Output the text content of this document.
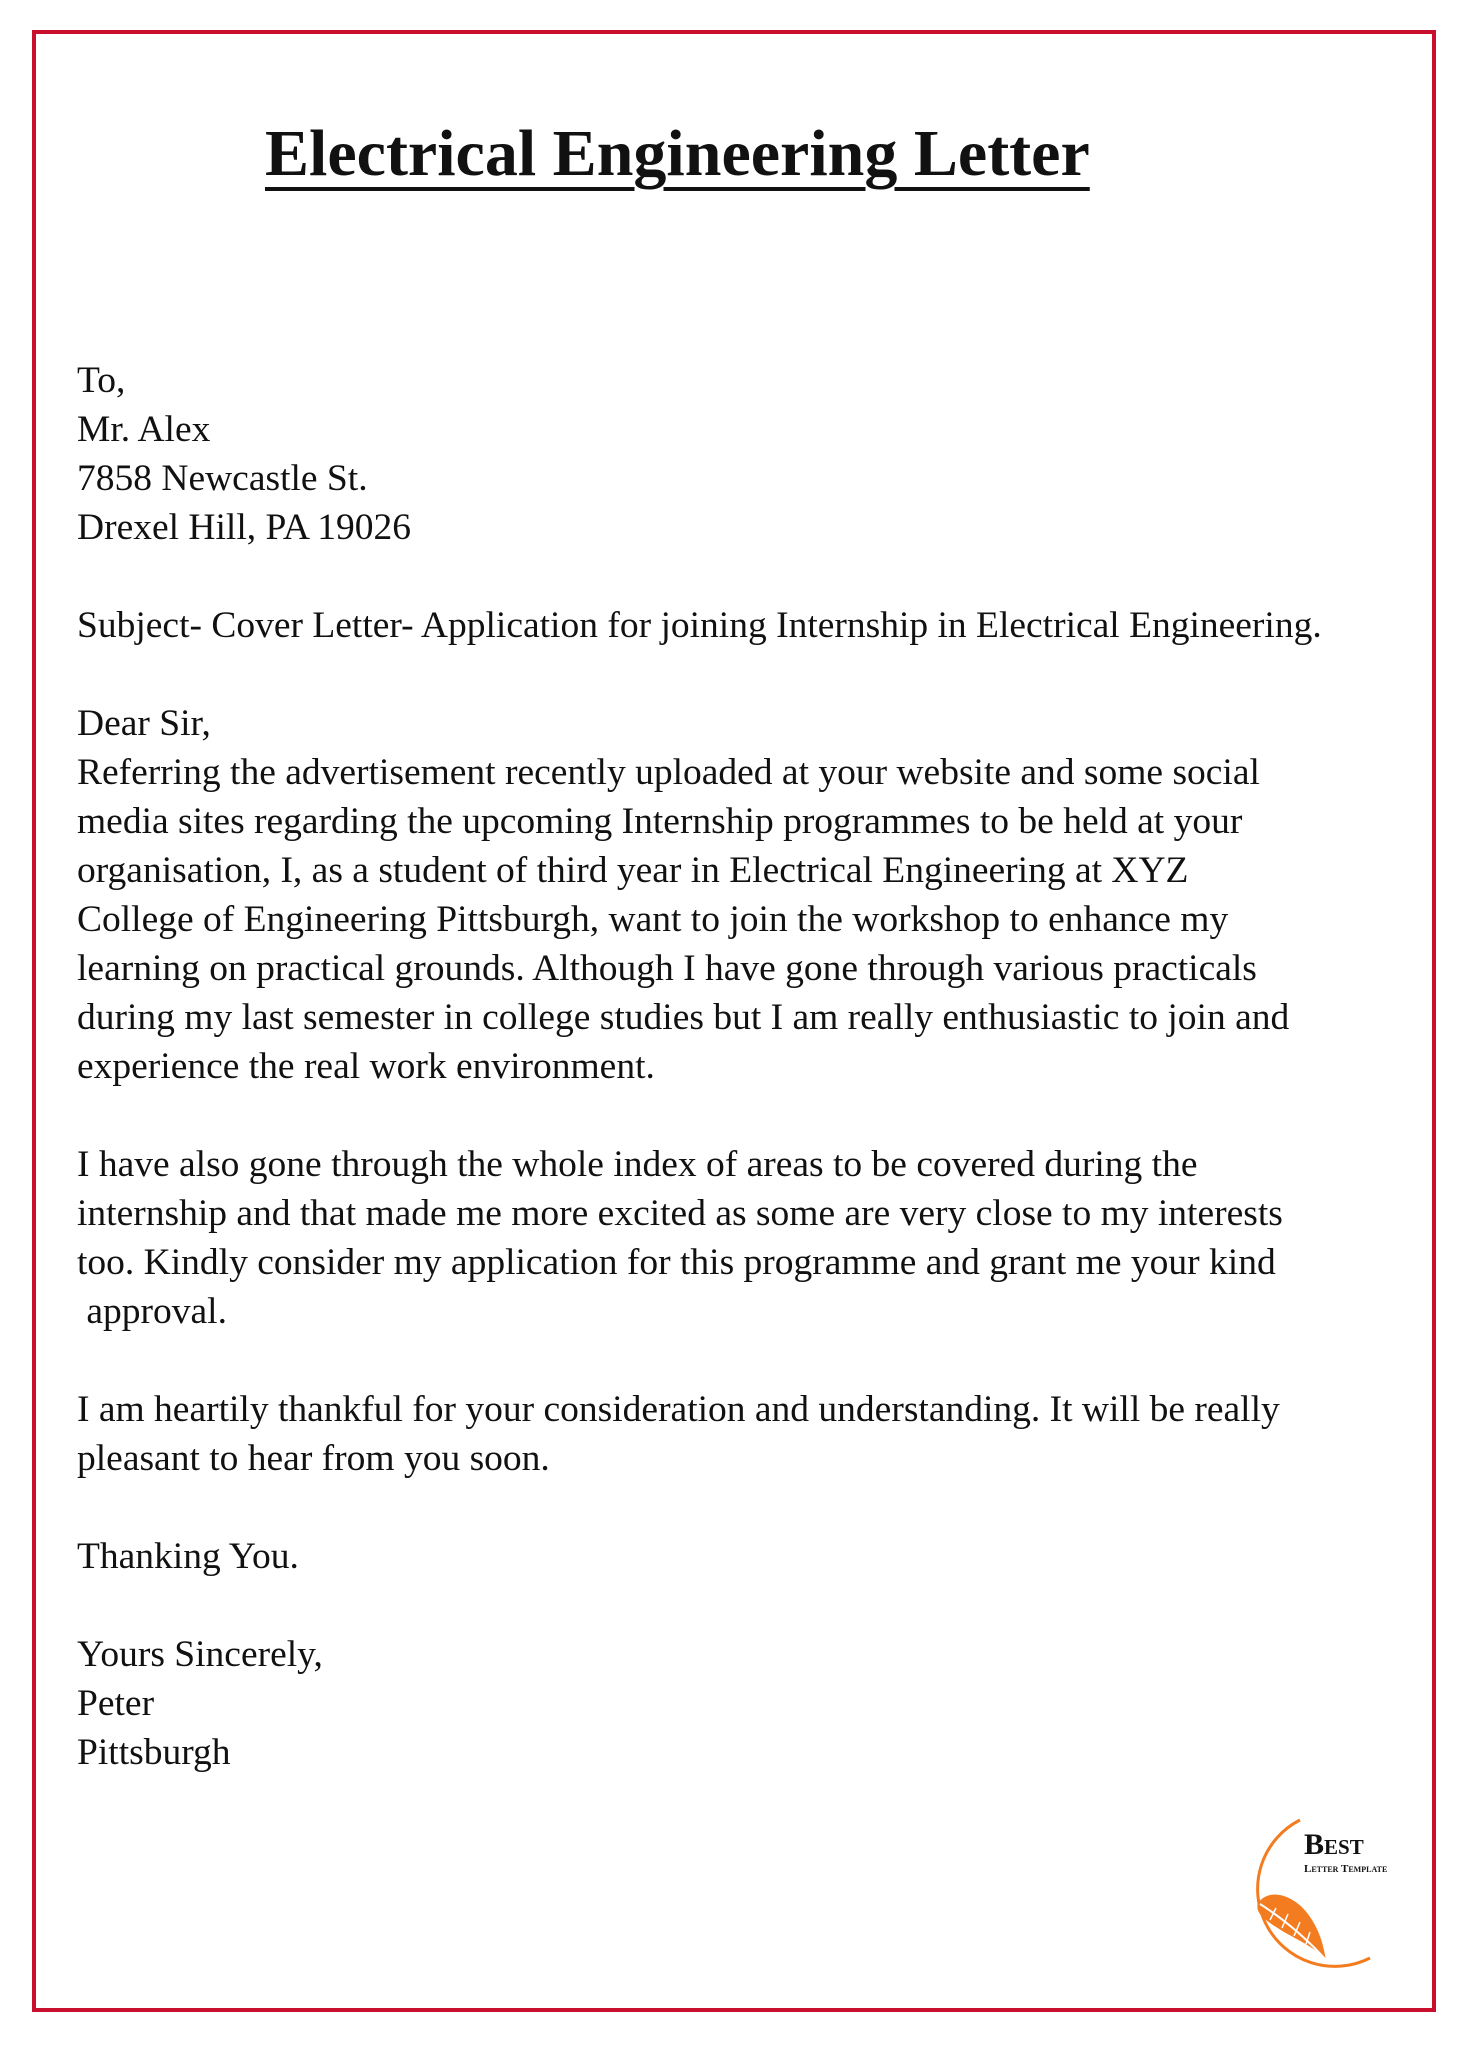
Electrical Engineering Letter
To,
Mr. Alex
7858 Newcastle St.
Drexel Hill, PA 19026
Subject- Cover Letter- Application for joining Internship in Electrical Engineering.
Dear Sir,
Referring the advertisement recently uploaded at your website and some social
media sites regarding the upcoming Internship programmes to be held at your
organisation, I, as a student of third year in Electrical Engineering at XYZ
College of Engineering Pittsburgh, want to join the workshop to enhance my
learning on practical grounds. Although I have gone through various practicals
during my last semester in college studies but I am really enthusiastic to join and
experience the real work environment.
I have also gone through the whole index of areas to be covered during the
internship and that made me more excited as some are very close to my interests
too. Kindly consider my application for this programme and grant me your kind
approval.
I am heartily thankful for your consideration and understanding. It will be really
pleasant to hear from you soon.
Thanking You.
Yours Sincerely,
Peter
Pittsburgh
Best
Letter Template
